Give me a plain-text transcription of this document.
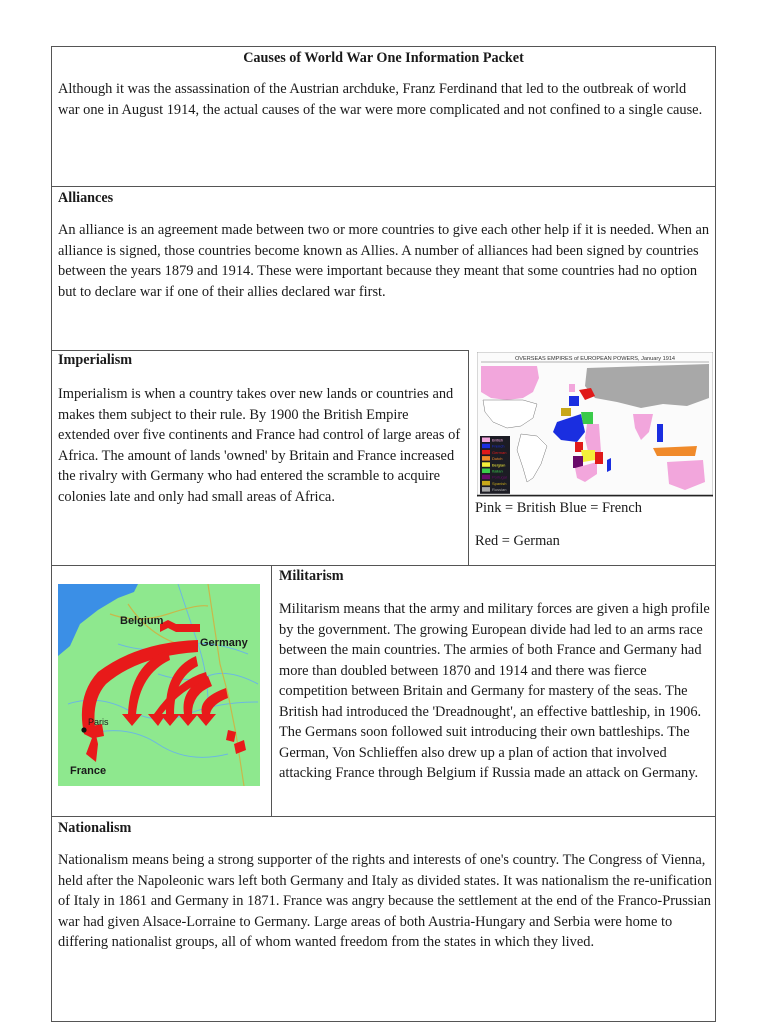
Causes of World War One Information Packet

Although it was the assassination of the Austrian archduke, Franz Ferdinand that led to the outbreak of world war one in August 1914, the actual causes of the war were more complicated and not confined to a single cause.

Alliances

An alliance is an agreement made between two or more countries to give each other help if it is needed. When an alliance is signed, those countries become known as Allies. A number of alliances had been signed by countries between the years 1879 and 1914. These were important because they meant that some countries had no option but to declare war if one of their allies declared war first.

Imperialism

Imperialism is when a country takes over new lands or countries and makes them subject to their rule. By 1900 the British Empire extended over five continents and France had control of large areas of Africa. The amount of lands 'owned' by Britain and France increased the rivalry with Germany who had entered the scramble to acquire colonies late and only had small areas of Africa.

OVERSEAS EMPIRES of EUROPEAN POWERS, January 1914
British
French
German
Dutch
Belgian
Italian
Portugal
Spanish
Russian
Pink = British Blue = French
Red = German
Belgium
Germany
Paris
France
Militarism

Militarism means that the army and military forces are given a high profile by the government. The growing European divide had led to an arms race between the main countries. The armies of both France and Germany had more than doubled between 1870 and 1914 and there was fierce competition between Britain and Germany for mastery of the seas. The British had introduced the 'Dreadnought', an effective battleship, in 1906. The Germans soon followed suit introducing their own battleships. The German, Von Schlieffen also drew up a plan of action that involved attacking France through Belgium if Russia made an attack on Germany.

Nationalism

Nationalism means being a strong supporter of the rights and interests of one's country. The Congress of Vienna, held after the Napoleonic wars left both Germany and Italy as divided states. It was nationalism the re-unification of Italy in 1861 and Germany in 1871. France was angry because the settlement at the end of the Franco-Prussian war had given Alsace-Lorraine to Germany. Large areas of both Austria-Hungary and Serbia were home to differing nationalist groups, all of whom wanted freedom from the states in which they lived.
